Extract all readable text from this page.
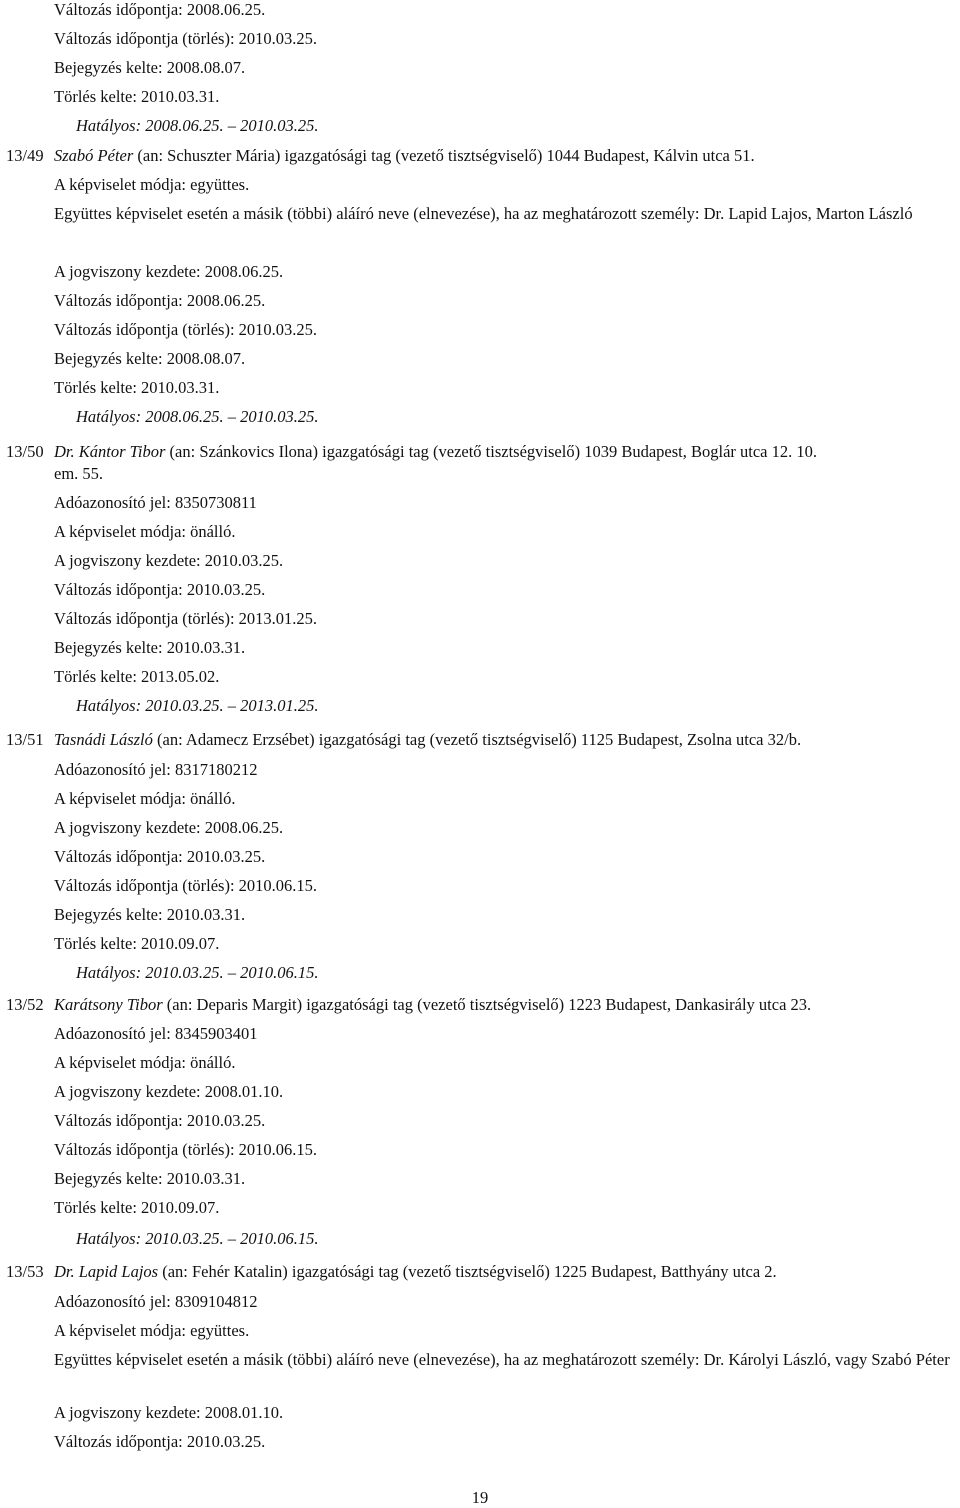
Változás időpontja: 2008.06.25.
Változás időpontja (törlés): 2010.03.25.
Bejegyzés kelte: 2008.08.07.
Törlés kelte: 2010.03.31.
Hatályos: 2008.06.25. – 2010.03.25.
13/49 Szabó Péter (an: Schuszter Mária) igazgatósági tag (vezető tisztségviselő) 1044 Budapest, Kálvin utca 51.
A képviselet módja: együttes.
Együttes képviselet esetén a másik (többi) aláíró neve (elnevezése), ha az meghatározott személy: Dr. Lapid Lajos, Marton László
A jogviszony kezdete: 2008.06.25.
Változás időpontja: 2008.06.25.
Változás időpontja (törlés): 2010.03.25.
Bejegyzés kelte: 2008.08.07.
Törlés kelte: 2010.03.31.
Hatályos: 2008.06.25. – 2010.03.25.
13/50 Dr. Kántor Tibor (an: Szánkovics Ilona) igazgatósági tag (vezető tisztségviselő) 1039 Budapest, Boglár utca 12. 10.
em. 55.
Adóazonosító jel: 8350730811
A képviselet módja: önálló.
A jogviszony kezdete: 2010.03.25.
Változás időpontja: 2010.03.25.
Változás időpontja (törlés): 2013.01.25.
Bejegyzés kelte: 2010.03.31.
Törlés kelte: 2013.05.02.
Hatályos: 2010.03.25. – 2013.01.25.
13/51 Tasnádi László (an: Adamecz Erzsébet) igazgatósági tag (vezető tisztségviselő) 1125 Budapest, Zsolna utca 32/b.
Adóazonosító jel: 8317180212
A képviselet módja: önálló.
A jogviszony kezdete: 2008.06.25.
Változás időpontja: 2010.03.25.
Változás időpontja (törlés): 2010.06.15.
Bejegyzés kelte: 2010.03.31.
Törlés kelte: 2010.09.07.
Hatályos: 2010.03.25. – 2010.06.15.
13/52 Karátsony Tibor (an: Deparis Margit) igazgatósági tag (vezető tisztségviselő) 1223 Budapest, Dankasirály utca 23.
Adóazonosító jel: 8345903401
A képviselet módja: önálló.
A jogviszony kezdete: 2008.01.10.
Változás időpontja: 2010.03.25.
Változás időpontja (törlés): 2010.06.15.
Bejegyzés kelte: 2010.03.31.
Törlés kelte: 2010.09.07.
Hatályos: 2010.03.25. – 2010.06.15.
13/53 Dr. Lapid Lajos (an: Fehér Katalin) igazgatósági tag (vezető tisztségviselő) 1225 Budapest, Batthyány utca 2.
Adóazonosító jel: 8309104812
A képviselet módja: együttes.
Együttes képviselet esetén a másik (többi) aláíró neve (elnevezése), ha az meghatározott személy: Dr. Károlyi László, vagy Szabó Péter
A jogviszony kezdete: 2008.01.10.
Változás időpontja: 2010.03.25.
19
